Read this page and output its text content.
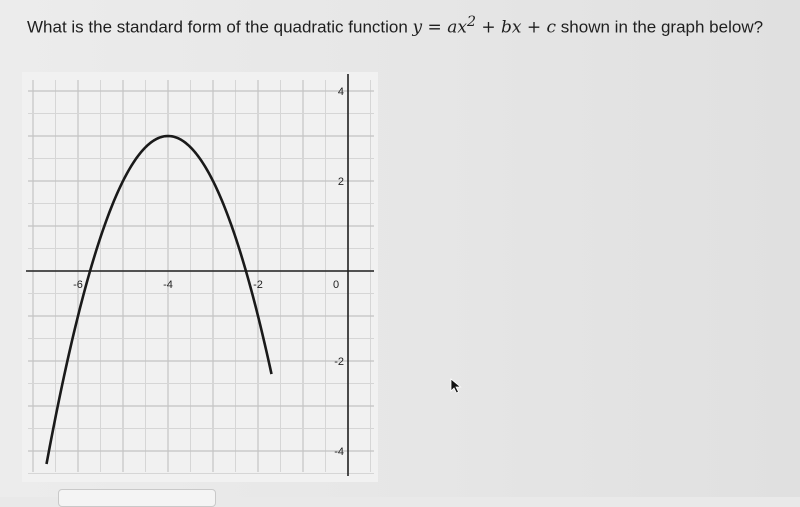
What is the standard form of the quadratic function $y = ax^2$ + bx + c shown in the graph below?
-6	-4	-2	0
4
2
-2
-4
